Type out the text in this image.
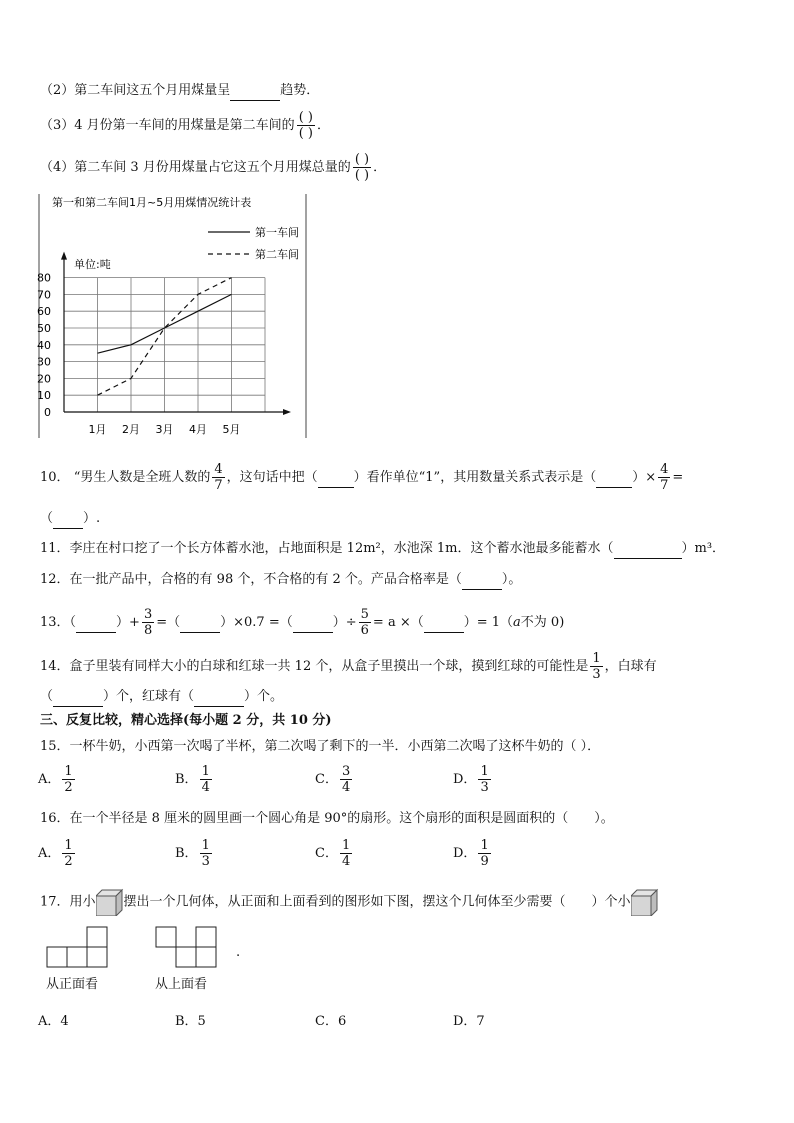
（2）第二车间这五个月用煤量呈	趋势．
（3）4 月份第一车间的用煤量是第二车间的 $\frac{( )}{( )}$ ．
（4）第二车间 3 月份用煤量占它这五个月用煤总量的 $\frac{( )}{( )}$ ．
第一和第二车间1月~5月用煤情况统计表
单位:吨
0
10
20
30
40
50
60
70
80
1月 2月 3月 4月 5月
第一车间
第二车间
10． “男生人数是全班人数的 $\frac{4}{7}$ ，这句话中把（	）看作单位“1”，其用数量关系式表示是（	）× $\frac{4}{7}$ =
（ ）.
11．李庄在村口挖了一个长方体蓄水池，占地面积是 12m²，水池深 1m．这个蓄水池最多能蓄水（	）m³．
12．在一批产品中，合格的有 98 个，不合格的有 2 个。产品合格率是（	）。
13．（	）+ $\frac{3}{8}$ =（	）×0.7 =（	）÷ $\frac{5}{6} = a$ ×（	）= 1（a不为 0)
14．盒子里装有同样大小的白球和红球一共 12 个，从盒子里摸出一个球，摸到红球的可能性是 $\frac{1}{3}$ ，白球有
（	）个，红球有（	）个。
三、反复比较，精心选择(每小题 2 分，共 10 分)
15．一杯牛奶，小西第一次喝了半杯，第二次喝了剩下的一半．小西第二次喝了这杯牛奶的（ ）．
A． $\frac{1}{2}$	B． $\frac{1}{4}$	C． $\frac{3}{4}$	D． $\frac{1}{3}$
16．在一个半径是 8 厘米的圆里画一个圆心角是 90°的扇形。这个扇形的面积是圆面积的（　　）。
A． $\frac{1}{2}$	B． $\frac{1}{3}$	C． $\frac{1}{4}$	D． $\frac{1}{9}$
17．用小 摆出一个几何体，从正面和上面看到的图形如下图，摆这个几何体至少需要（　　）个小
.
从正面看	从上面看
A．4	B．5	C．6	D．7
